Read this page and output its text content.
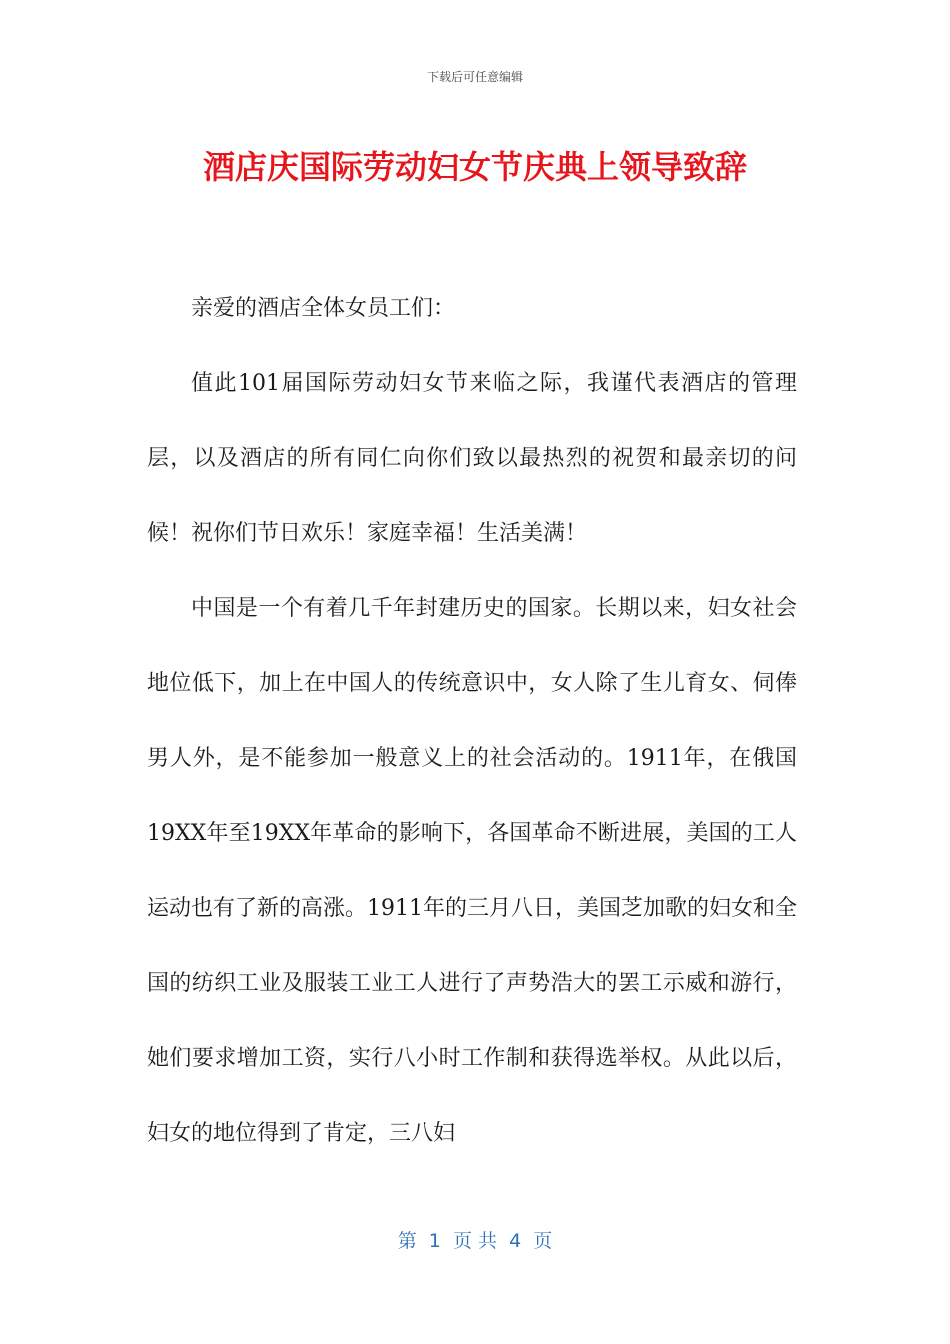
下载后可任意编辑
酒店庆国际劳动妇女节庆典上领导致辞

亲爱的酒店全体女员工们：

值此101届国际劳动妇女节来临之际，我谨代表酒店的管理层，以及酒店的所有同仁向你们致以最热烈的祝贺和最亲切的问候！祝你们节日欢乐！家庭幸福！生活美满！

中国是一个有着几千年封建历史的国家。长期以来，妇女社会地位低下，加上在中国人的传统意识中，女人除了生儿育女、伺俸男人外，是不能参加一般意义上的社会活动的。1911年，在俄国19XX年至19XX年革命的影响下，各国革命不断进展，美国的工人运动也有了新的高涨。1911年的三月八日，美国芝加歌的妇女和全国的纺织工业及服装工业工人进行了声势浩大的罢工示威和游行，她们要求增加工资，实行八小时工作制和获得选举权。从此以后，妇女的地位得到了肯定，三八妇

第  1  页 共  4  页
